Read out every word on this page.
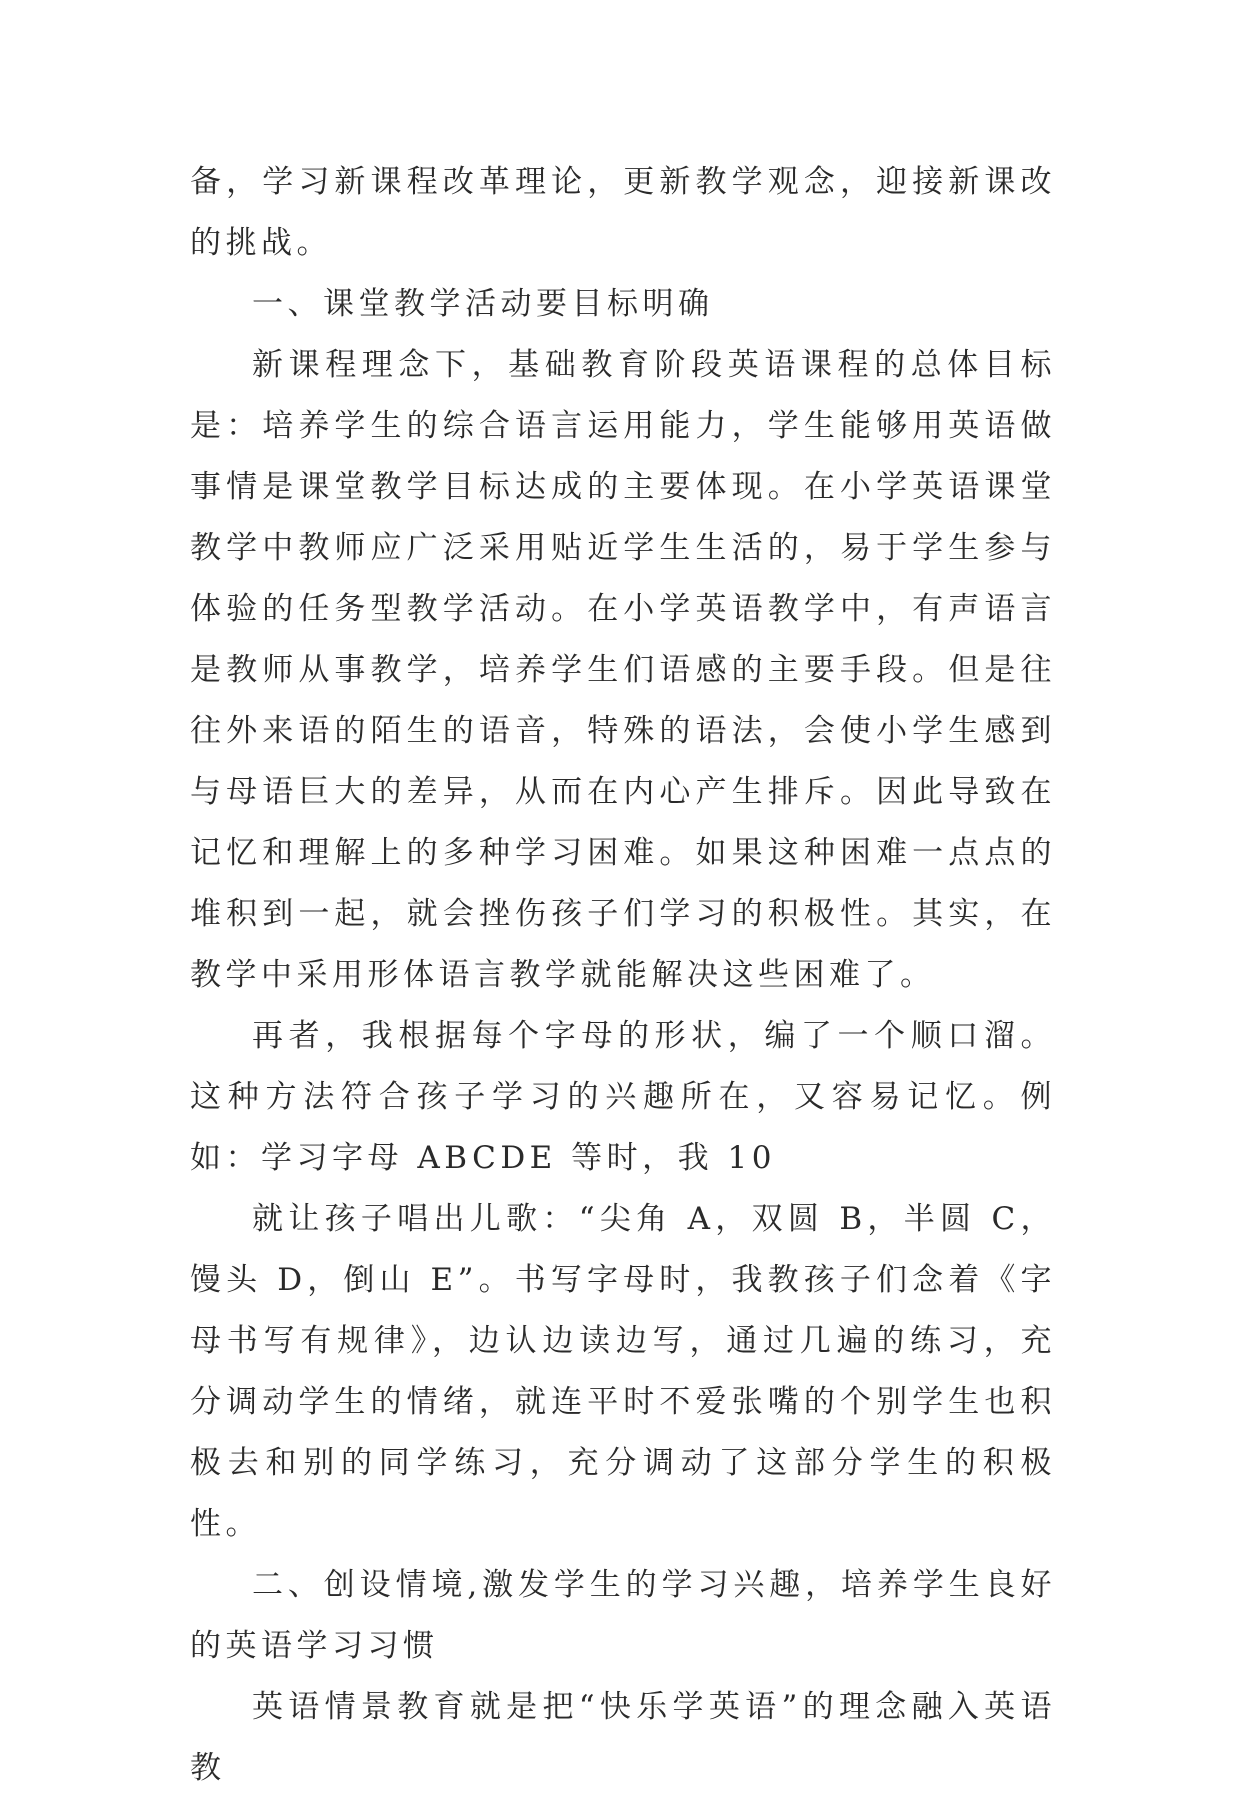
备，学习新课程改革理论，更新教学观念，迎接新课改的挑战。

一、课堂教学活动要目标明确

新课程理念下，基础教育阶段英语课程的总体目标是：培养学生的综合语言运用能力，学生能够用英语做事情是课堂教学目标达成的主要体现。在小学英语课堂教学中教师应广泛采用贴近学生生活的，易于学生参与体验的任务型教学活动。在小学英语教学中，有声语言是教师从事教学，培养学生们语感的主要手段。但是往往外来语的陌生的语音，特殊的语法，会使小学生感到与母语巨大的差异，从而在内心产生排斥。因此导致在记忆和理解上的多种学习困难。如果这种困难一点点的堆积到一起，就会挫伤孩子们学习的积极性。其实，在教学中采用形体语言教学就能解决这些困难了。

再者，我根据每个字母的形状，编了一个顺口溜。这种方法符合孩子学习的兴趣所在，又容易记忆。例如：学习字母 ABCDE 等时，我 10

就让孩子唱出儿歌：“尖角 A，双圆 B，半圆 C，馒头 D，倒山 E”。书写字母时，我教孩子们念着《字母书写有规律》，边认边读边写，通过几遍的练习，充分调动学生的情绪，就连平时不爱张嘴的个别学生也积极去和别的同学练习，充分调动了这部分学生的积极性。

二、创设情境,激发学生的学习兴趣，培养学生良好的英语学习习惯

英语情景教育就是把“快乐学英语”的理念融入英语教
